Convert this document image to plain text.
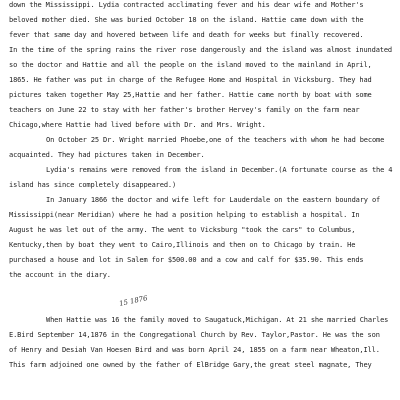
down the Mississippi. Lydia contracted acclimating fever and his dear wife and Mother's
beloved mother died. She was buried October 18 on the island. Hattie came down with the
fever that same day and hovered between life and death for weeks but finally recovered.
In the time of the spring rains the river rose dangerously and the island was almost inundated
so the doctor and Hattie and all the people on the island moved to the mainland in April,
1865. He father was put in charge of the Refugee Home and Hospital in Vicksburg. They had
pictures taken together May 25,Hattie and her father. Hattie came north by boat with some
teachers on June 22 to stay with her father's brother Hervey's family on the farm near
Chicago,where Hattie had lived before with Dr. and Mrs. Wright.
On October 25 Dr. Wright married Phoebe,one of the teachers with whom he had become
acquainted. They had pictures taken in December.
Lydia's remains were removed from the island in December.(A fortunate course as the 4
island has since completely disappeared.)
In January 1866 the doctor and wife left for Lauderdale on the eastern boundary of
Mississippi(near Meridian) where he had a position helping to establish a hospital. In
August he was let out of the army. The went to Vicksburg "took the cars" to Columbus,
Kentucky,then by boat they went to Cairo,Illinois and then on to Chicago by train. He
purchased a house and lot in Salem for $500.00 and a cow and calf for $35.90. This ends
the account in the diary.
When Hattie was 16 the family moved to Saugatuck,Michigan. At 21 she married Charles
E.Bird September 14,1876 in the Congregational Church by Rev. Taylor,Pastor. He was the son
of Henry and Desiah Van Hoesen Bird and was born April 24, 1855 on a farm near Wheaton,Ill.
This farm adjoined one owned by the father of ElBridge Gary,the great steel magnate, They
15 1876
